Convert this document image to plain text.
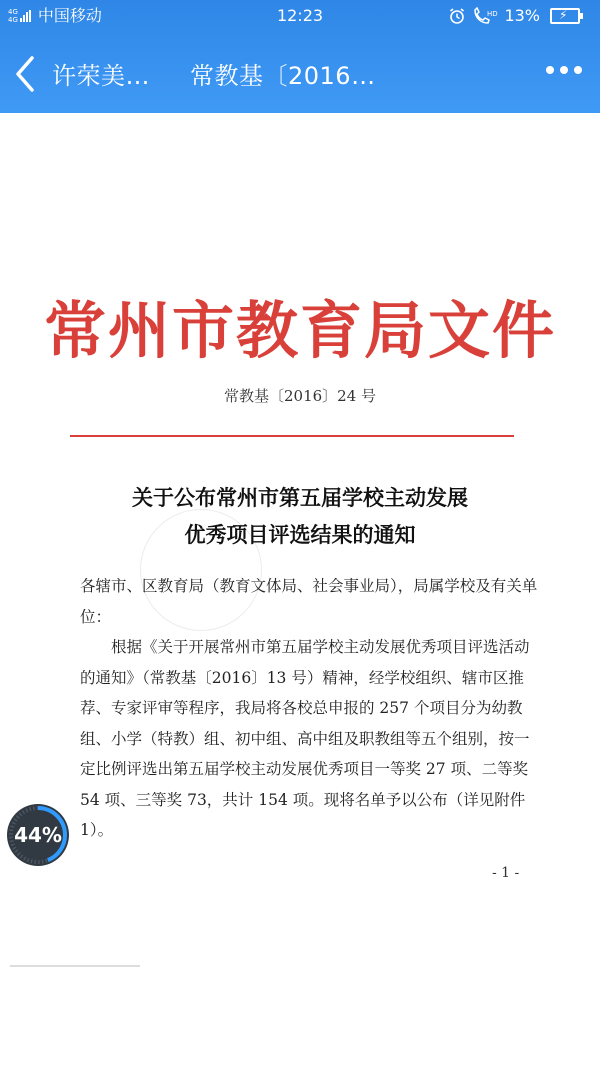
4G
4G 中国移动	12:23	HD 13% ⚡
许荣美… 常教基〔2016…
常州市教育局文件
常教基〔2016〕24 号
关于公布常州市第五届学校主动发展
优秀项目评选结果的通知

各辖市、区教育局（教育文体局、社会事业局），局属学校及有关单位：

根据《关于开展常州市第五届学校主动发展优秀项目评选活动的通知》（常教基〔2016〕13 号）精神，经学校组织、辖市区推荐、专家评审等程序，我局将各校总申报的 257 个项目分为幼教组、小学（特教）组、初中组、高中组及职教组等五个组别，按一定比例评选出第五届学校主动发展优秀项目一等奖 27 项、二等奖 54 项、三等奖 73，共计 154 项。现将名单予以公布（详见附件 1）。

- 1 -
44%
